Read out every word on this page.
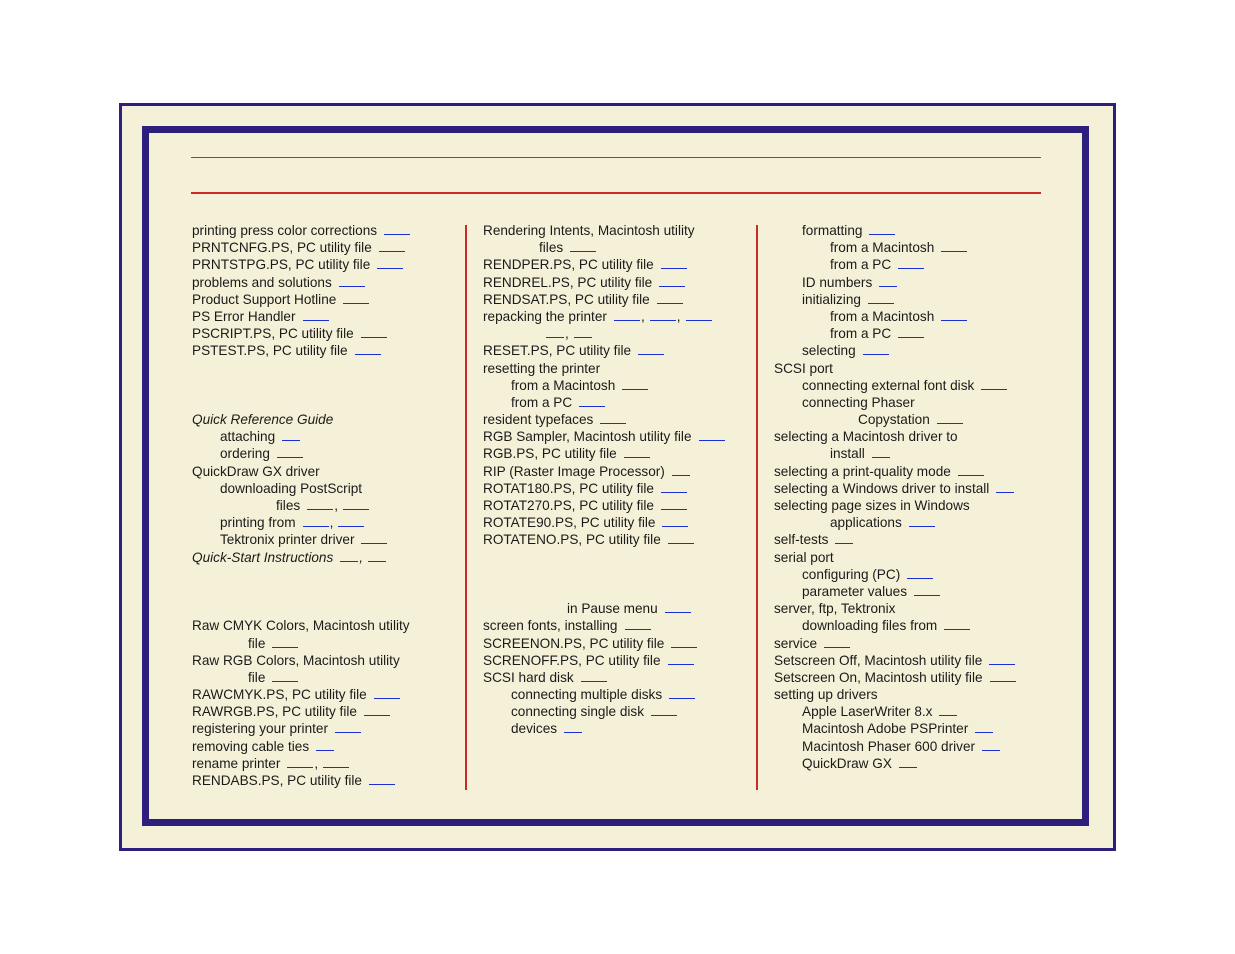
printing press color corrections
PRNTCNFG.PS, PC utility file
PRNTSTPG.PS, PC utility file
problems and solutions
Product Support Hotline
PS Error Handler
PSCRIPT.PS, PC utility file
PSTEST.PS, PC utility file
Quick Reference Guide
attaching
ordering
QuickDraw GX driver
downloading PostScript
files	,
printing from	,
Tektronix printer driver
Quick-Start Instructions ,
Raw CMYK Colors, Macintosh utility
file
Raw RGB Colors, Macintosh utility
file
RAWCMYK.PS, PC utility file
RAWRGB.PS, PC utility file
registering your printer
removing cable ties
rename printer	,
RENDABS.PS, PC utility file
Rendering Intents, Macintosh utility
files
RENDPER.PS, PC utility file
RENDREL.PS, PC utility file
RENDSAT.PS, PC utility file
repacking the printer	, ,
,
RESET.PS, PC utility file
resetting the printer
from a Macintosh
from a PC
resident typefaces
RGB Sampler, Macintosh utility file
RGB.PS, PC utility file
RIP (Raster Image Processor)
ROTAT180.PS, PC utility file
ROTAT270.PS, PC utility file
ROTATE90.PS, PC utility file
ROTATENO.PS, PC utility file
in Pause menu
screen fonts, installing
SCREENON.PS, PC utility file
SCRENOFF.PS, PC utility file
SCSI hard disk
connecting multiple disks
connecting single disk
devices
formatting
from a Macintosh
from a PC
ID numbers
initializing
from a Macintosh
from a PC
selecting
SCSI port
connecting external font disk
connecting Phaser
Copystation
selecting a Macintosh driver to
install
selecting a print-quality mode
selecting a Windows driver to install
selecting page sizes in Windows
applications
self-tests
serial port
configuring (PC)
parameter values
server, ftp, Tektronix
downloading files from
service
Setscreen Off, Macintosh utility file
Setscreen On, Macintosh utility file
setting up drivers
Apple LaserWriter 8.x
Macintosh Adobe PSPrinter
Macintosh Phaser 600 driver
QuickDraw GX
